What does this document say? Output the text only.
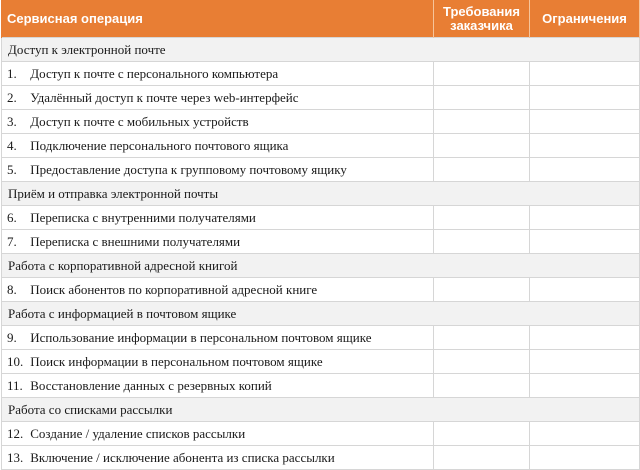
Сервисная операция	Требования заказчика	Ограничения
Доступ к электронной почте		
1. Доступ к почте с персонального компьютера		
2. Удалённый доступ к почте через web-интерфейс		
3. Доступ к почте с мобильных устройств		
4. Подключение персонального почтового ящика		
5. Предоставление доступа к групповому почтовому ящику		
Приём и отправка электронной почты		
6. Переписка с внутренними получателями		
7. Переписка с внешними получателями		
Работа с корпоративной адресной книгой		
8. Поиск абонентов по корпоративной адресной книге		
Работа с информацией в почтовом ящике		
9. Использование информации в персональном почтовом ящике		
10. Поиск информации в персональном почтовом ящике		
11. Восстановление данных с резервных копий		
Работа со списками рассылки		
12. Создание / удаление списков рассылки		
13. Включение / исключение абонента из списка рассылки		
